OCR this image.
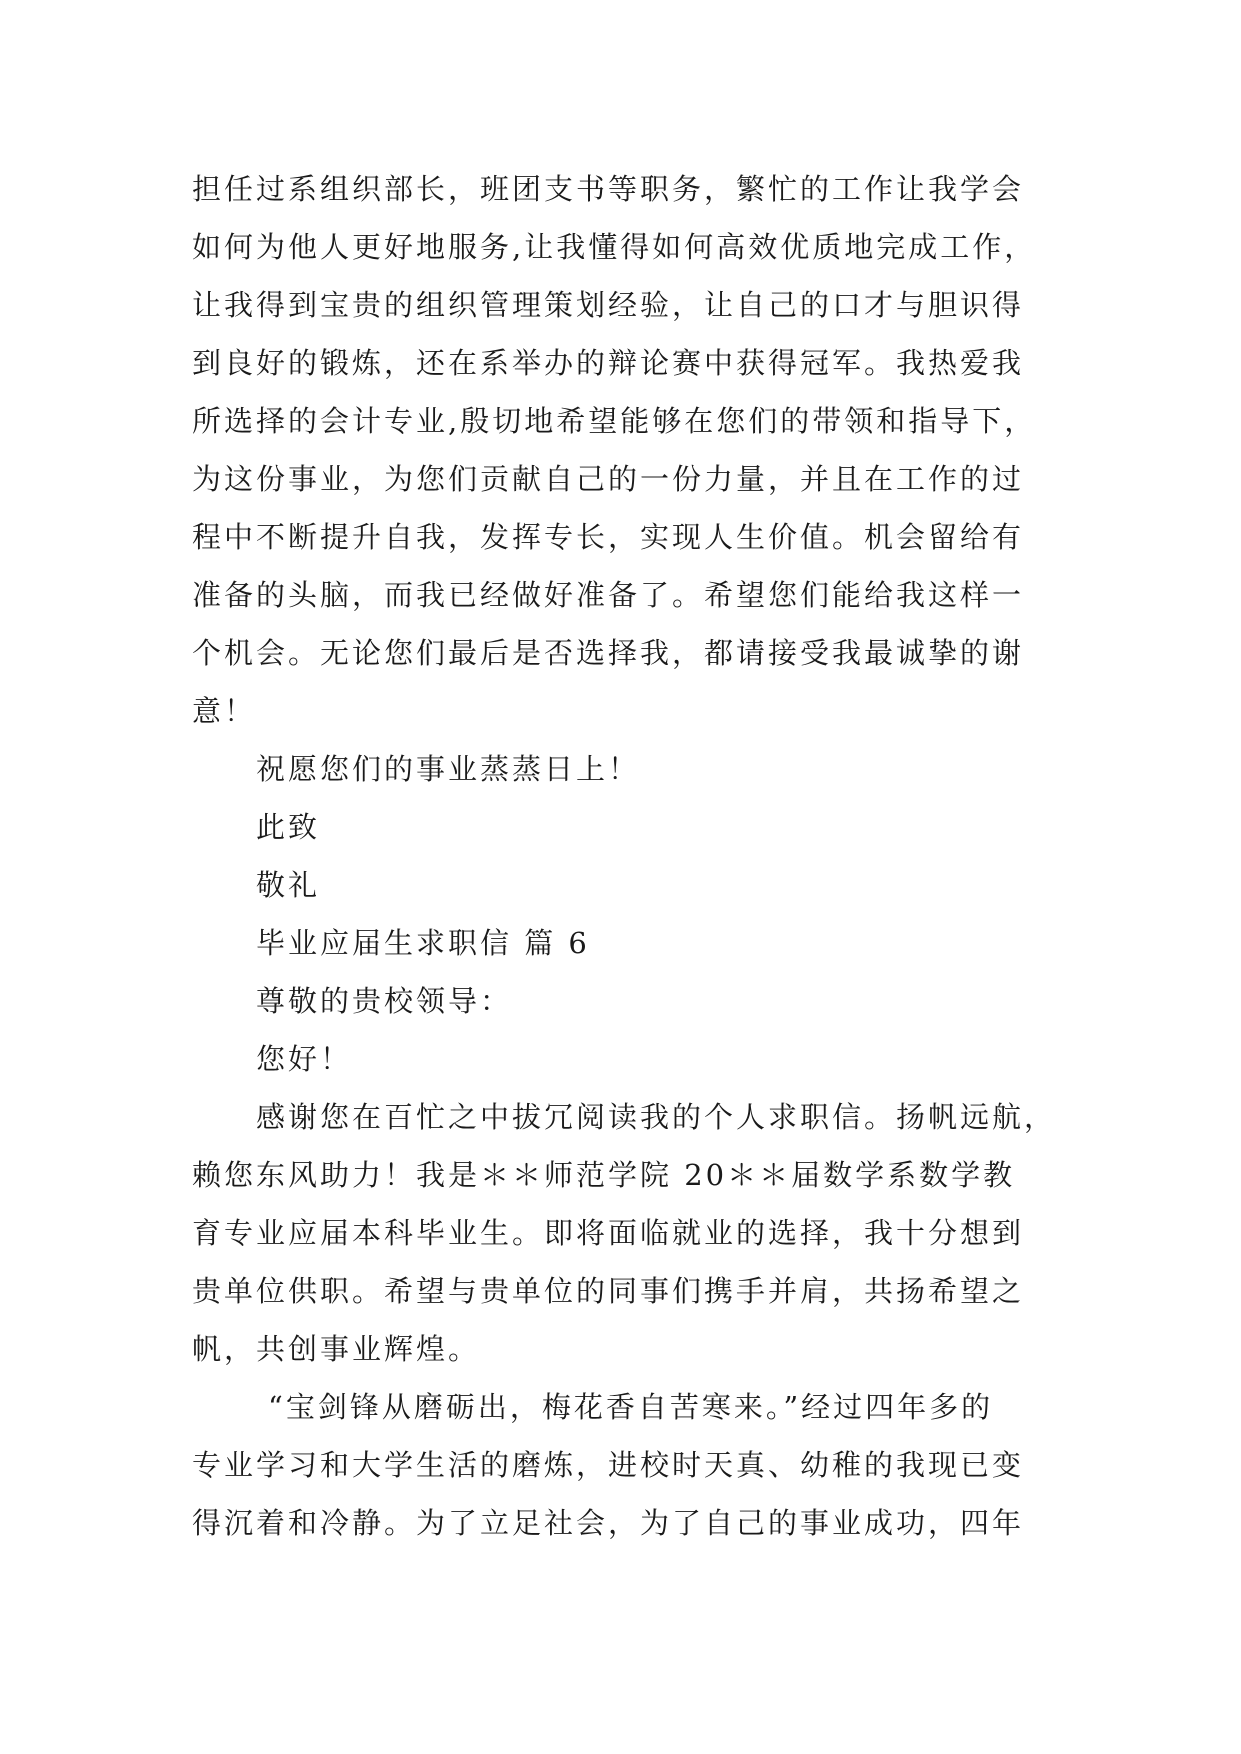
担任过系组织部长，班团支书等职务，繁忙的工作让我学会
如何为他人更好地服务,让我懂得如何高效优质地完成工作，
让我得到宝贵的组织管理策划经验，让自己的口才与胆识得
到良好的锻炼，还在系举办的辩论赛中获得冠军。我热爱我
所选择的会计专业,殷切地希望能够在您们的带领和指导下，
为这份事业，为您们贡献自己的一份力量，并且在工作的过
程中不断提升自我，发挥专长，实现人生价值。机会留给有
准备的头脑，而我已经做好准备了。希望您们能给我这样一
个机会。无论您们最后是否选择我，都请接受我最诚挚的谢
意！
祝愿您们的事业蒸蒸日上！
此致
敬礼
毕业应届生求职信 篇 6
尊敬的贵校领导：
您好！
感谢您在百忙之中拔冗阅读我的个人求职信。扬帆远航，
赖您东风助力！我是＊＊师范学院 20＊＊届数学系数学教
育专业应届本科毕业生。即将面临就业的选择，我十分想到
贵单位供职。希望与贵单位的同事们携手并肩，共扬希望之
帆，共创事业辉煌。
“宝剑锋从磨砺出，梅花香自苦寒来。”经过四年多的
专业学习和大学生活的磨炼，进校时天真、幼稚的我现已变
得沉着和冷静。为了立足社会，为了自己的事业成功，四年
